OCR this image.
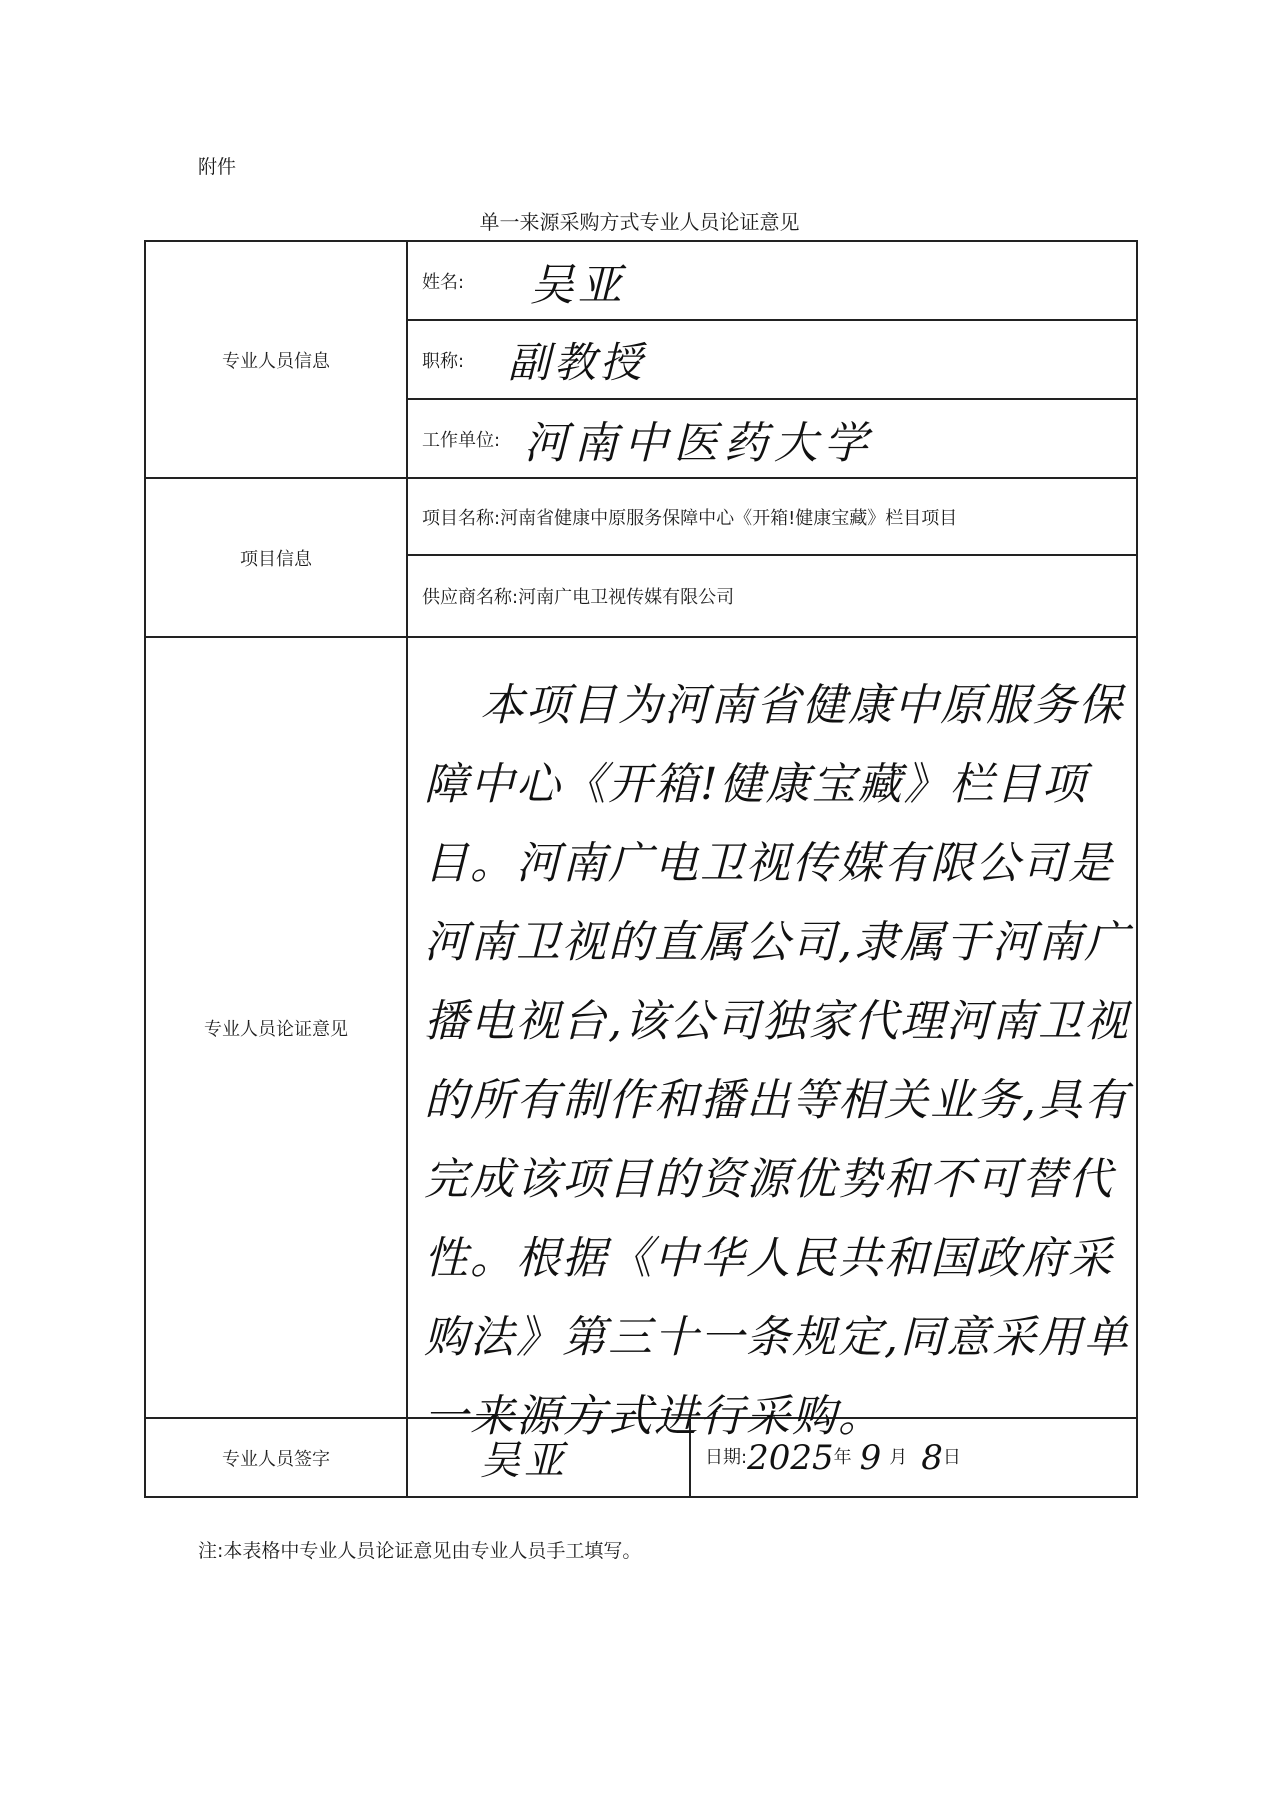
附件
单一来源采购方式专业人员论证意见
专业人员信息	姓名: 吴亚	
	职称: 副教授	
	工作单位: 河南中医药大学	
项目信息	项目名称:河南省健康中原服务保障中心《开箱!健康宝藏》栏目项目	
	供应商名称:河南广电卫视传媒有限公司	
专业人员论证意见	本项目为河南省健康中原服务保障中心《开箱!健康宝藏》栏目项目。河南广电卫视传媒有限公司是河南卫视的直属公司,隶属于河南广播电视台,该公司独家代理河南卫视的所有制作和播出等相关业务,具有完成该项目的资源优势和不可替代性。根据《中华人民共和国政府采购法》第三十一条规定,同意采用单一来源方式进行采购。	

专业人员签字	吴亚	日期:2025年 9 月 8日
注:本表格中专业人员论证意见由专业人员手工填写。
